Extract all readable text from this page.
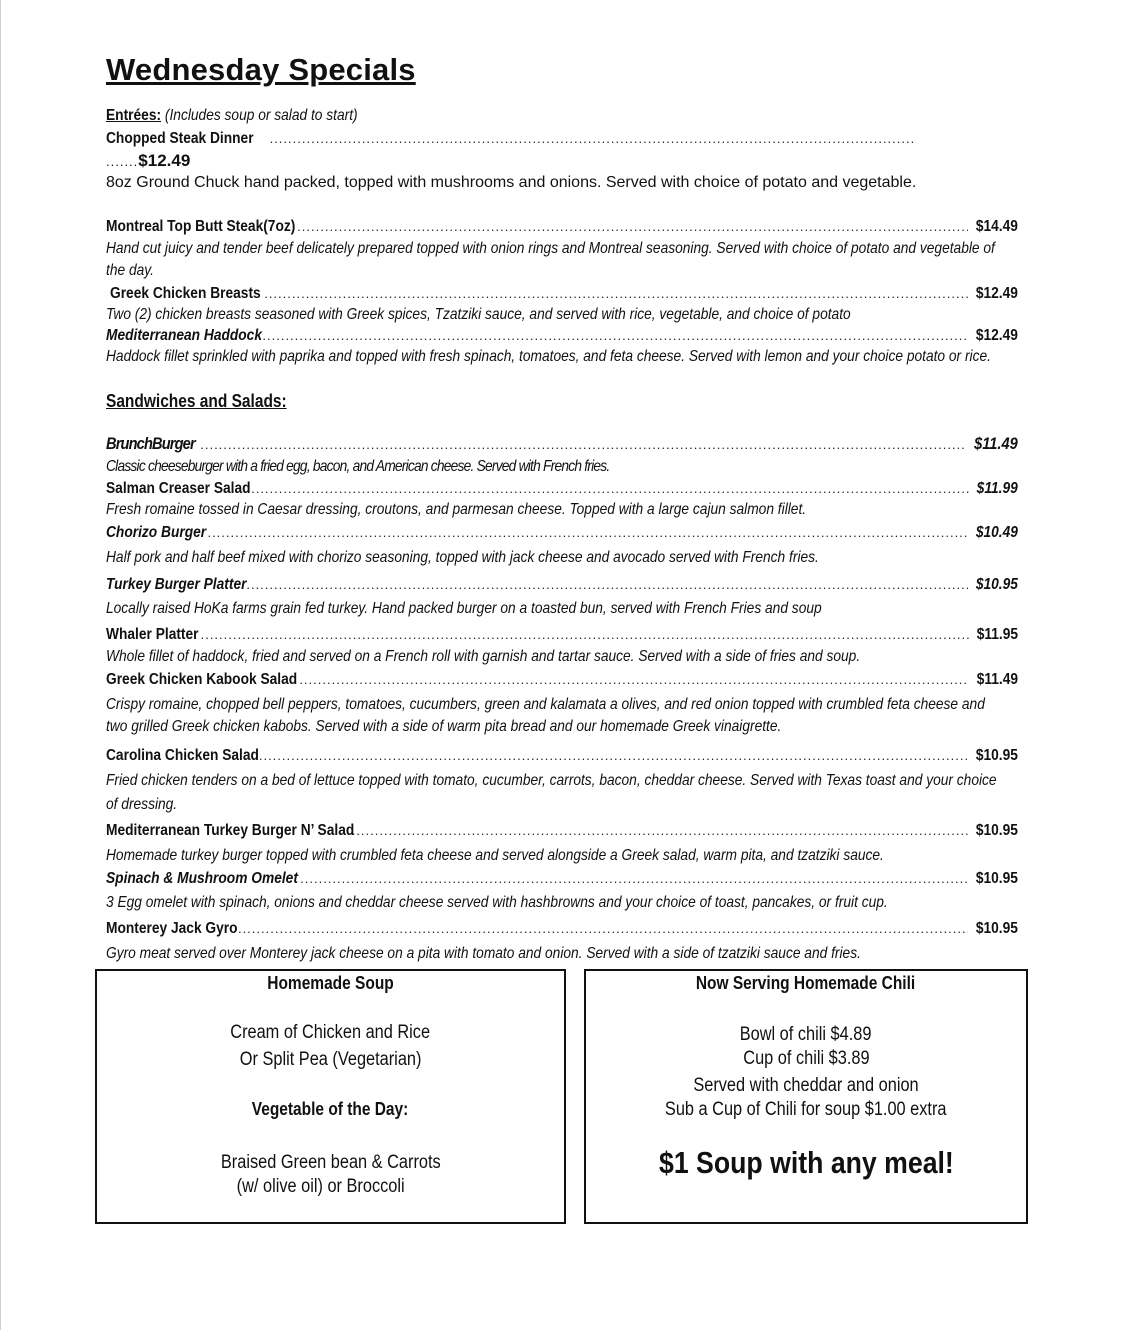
Wednesday Specials
Entrées: (Includes soup or salad to start)
Chopped Steak Dinner
.....
.......$12.49
8oz Ground Chuck hand packed, topped with mushrooms and onions. Served with choice of potato and vegetable.
Montreal Top Butt Steak(7oz) .....	$14.49
Hand cut juicy and tender beef delicately prepared topped with onion rings and Montreal seasoning. Served with choice of potato and vegetable of the day.
Greek Chicken Breasts .....	$12.49
Two (2) chicken breasts seasoned with Greek spices, Tzatziki sauce, and served with rice, vegetable, and choice of potato
Mediterranean Haddock .....	$12.49
Haddock fillet sprinkled with paprika and topped with fresh spinach, tomatoes, and feta cheese. Served with lemon and your choice potato or rice.
Sandwiches and Salads:
BrunchBurger .....	$11.49
Classic cheeseburger with a fried egg, bacon, and American cheese. Served with French fries.
Salman Creaser Salad .....	$11.99
Fresh romaine tossed in Caesar dressing, croutons, and parmesan cheese. Topped with a large cajun salmon fillet.
Chorizo Burger .....	$10.49
Half pork and half beef mixed with chorizo seasoning, topped with jack cheese and avocado served with French fries.
Turkey Burger Platter .....	$10.95
Locally raised HoKa farms grain fed turkey. Hand packed burger on a toasted bun, served with French Fries and soup
Whaler Platter .....	$11.95
Whole fillet of haddock, fried and served on a French roll with garnish and tartar sauce. Served with a side of fries and soup.
Greek Chicken Kabook Salad .....	$11.49
Crispy romaine, chopped bell peppers, tomatoes, cucumbers, green and kalamata a olives, and red onion topped with crumbled feta cheese and two grilled Greek chicken kabobs. Served with a side of warm pita bread and our homemade Greek vinaigrette.
Carolina Chicken Salad .....	$10.95
Fried chicken tenders on a bed of lettuce topped with tomato, cucumber, carrots, bacon, cheddar cheese. Served with Texas toast and your choice of dressing.
Mediterranean Turkey Burger N’ Salad .....	$10.95
Homemade turkey burger topped with crumbled feta cheese and served alongside a Greek salad, warm pita, and tzatziki sauce.
Spinach & Mushroom Omelet .....	$10.95
3 Egg omelet with spinach, onions and cheddar cheese served with hashbrowns and your choice of toast, pancakes, or fruit cup.
Monterey Jack Gyro .....	$10.95
Gyro meat served over Monterey jack cheese on a pita with tomato and onion. Served with a side of tzatziki sauce and fries.
Homemade Soup
Cream of Chicken and Rice
Or Split Pea (Vegetarian)
Vegetable of the Day:
Braised Green bean & Carrots
(w/ olive oil) or Broccoli
Now Serving Homemade Chili
Bowl of chili $4.89
Cup of chili $3.89
Served with cheddar and onion
Sub a Cup of Chili for soup $1.00 extra
$1 Soup with any meal!
